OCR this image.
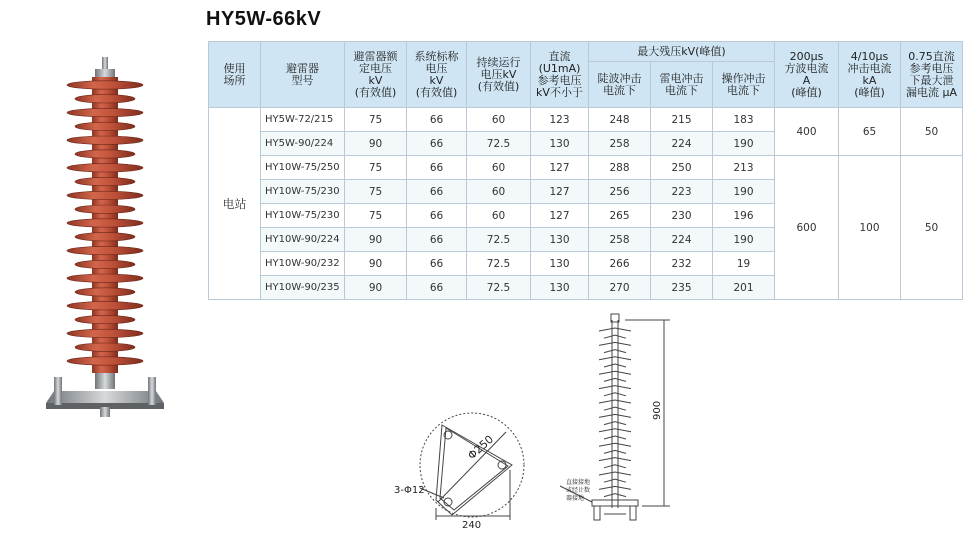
HY5W-66kV
使用
场所	避雷器
型号	避雷器额
定电压
kV
(有效值)	系统标称
电压
kV
(有效值)	持续运行
电压kV
(有效值)	直流
(U1mA)
参考电压
kV不小于	最大残压kV(峰值)			200μs
方波电流
A
(峰值)	4/10μs
冲击电流
kA
(峰值)	0.75直流
参考电压
下最大泄
漏电流 μA
						陡波冲击
电流下	雷电冲击
电流下	操作冲击
电流下			
电站	HY5W-72/215	75	66	60	123	248	215	183	400	65	50
	HY5W-90/224	90	66	72.5	130	258	224	190			
	HY10W-75/250	75	66	60	127	288	250	213	600	100	50
	HY10W-75/230	75	66	60	127	256	223	190			
	HY10W-75/230	75	66	60	127	265	230	196			
	HY10W-90/224	90	66	72.5	130	258	224	190			
	HY10W-90/232	90	66	72.5	130	266	232	19			
	HY10W-90/235	90	66	72.5	130	270	235	201			
3-Φ12
Φ250
240
900
直接接地
或经计数
器接地
